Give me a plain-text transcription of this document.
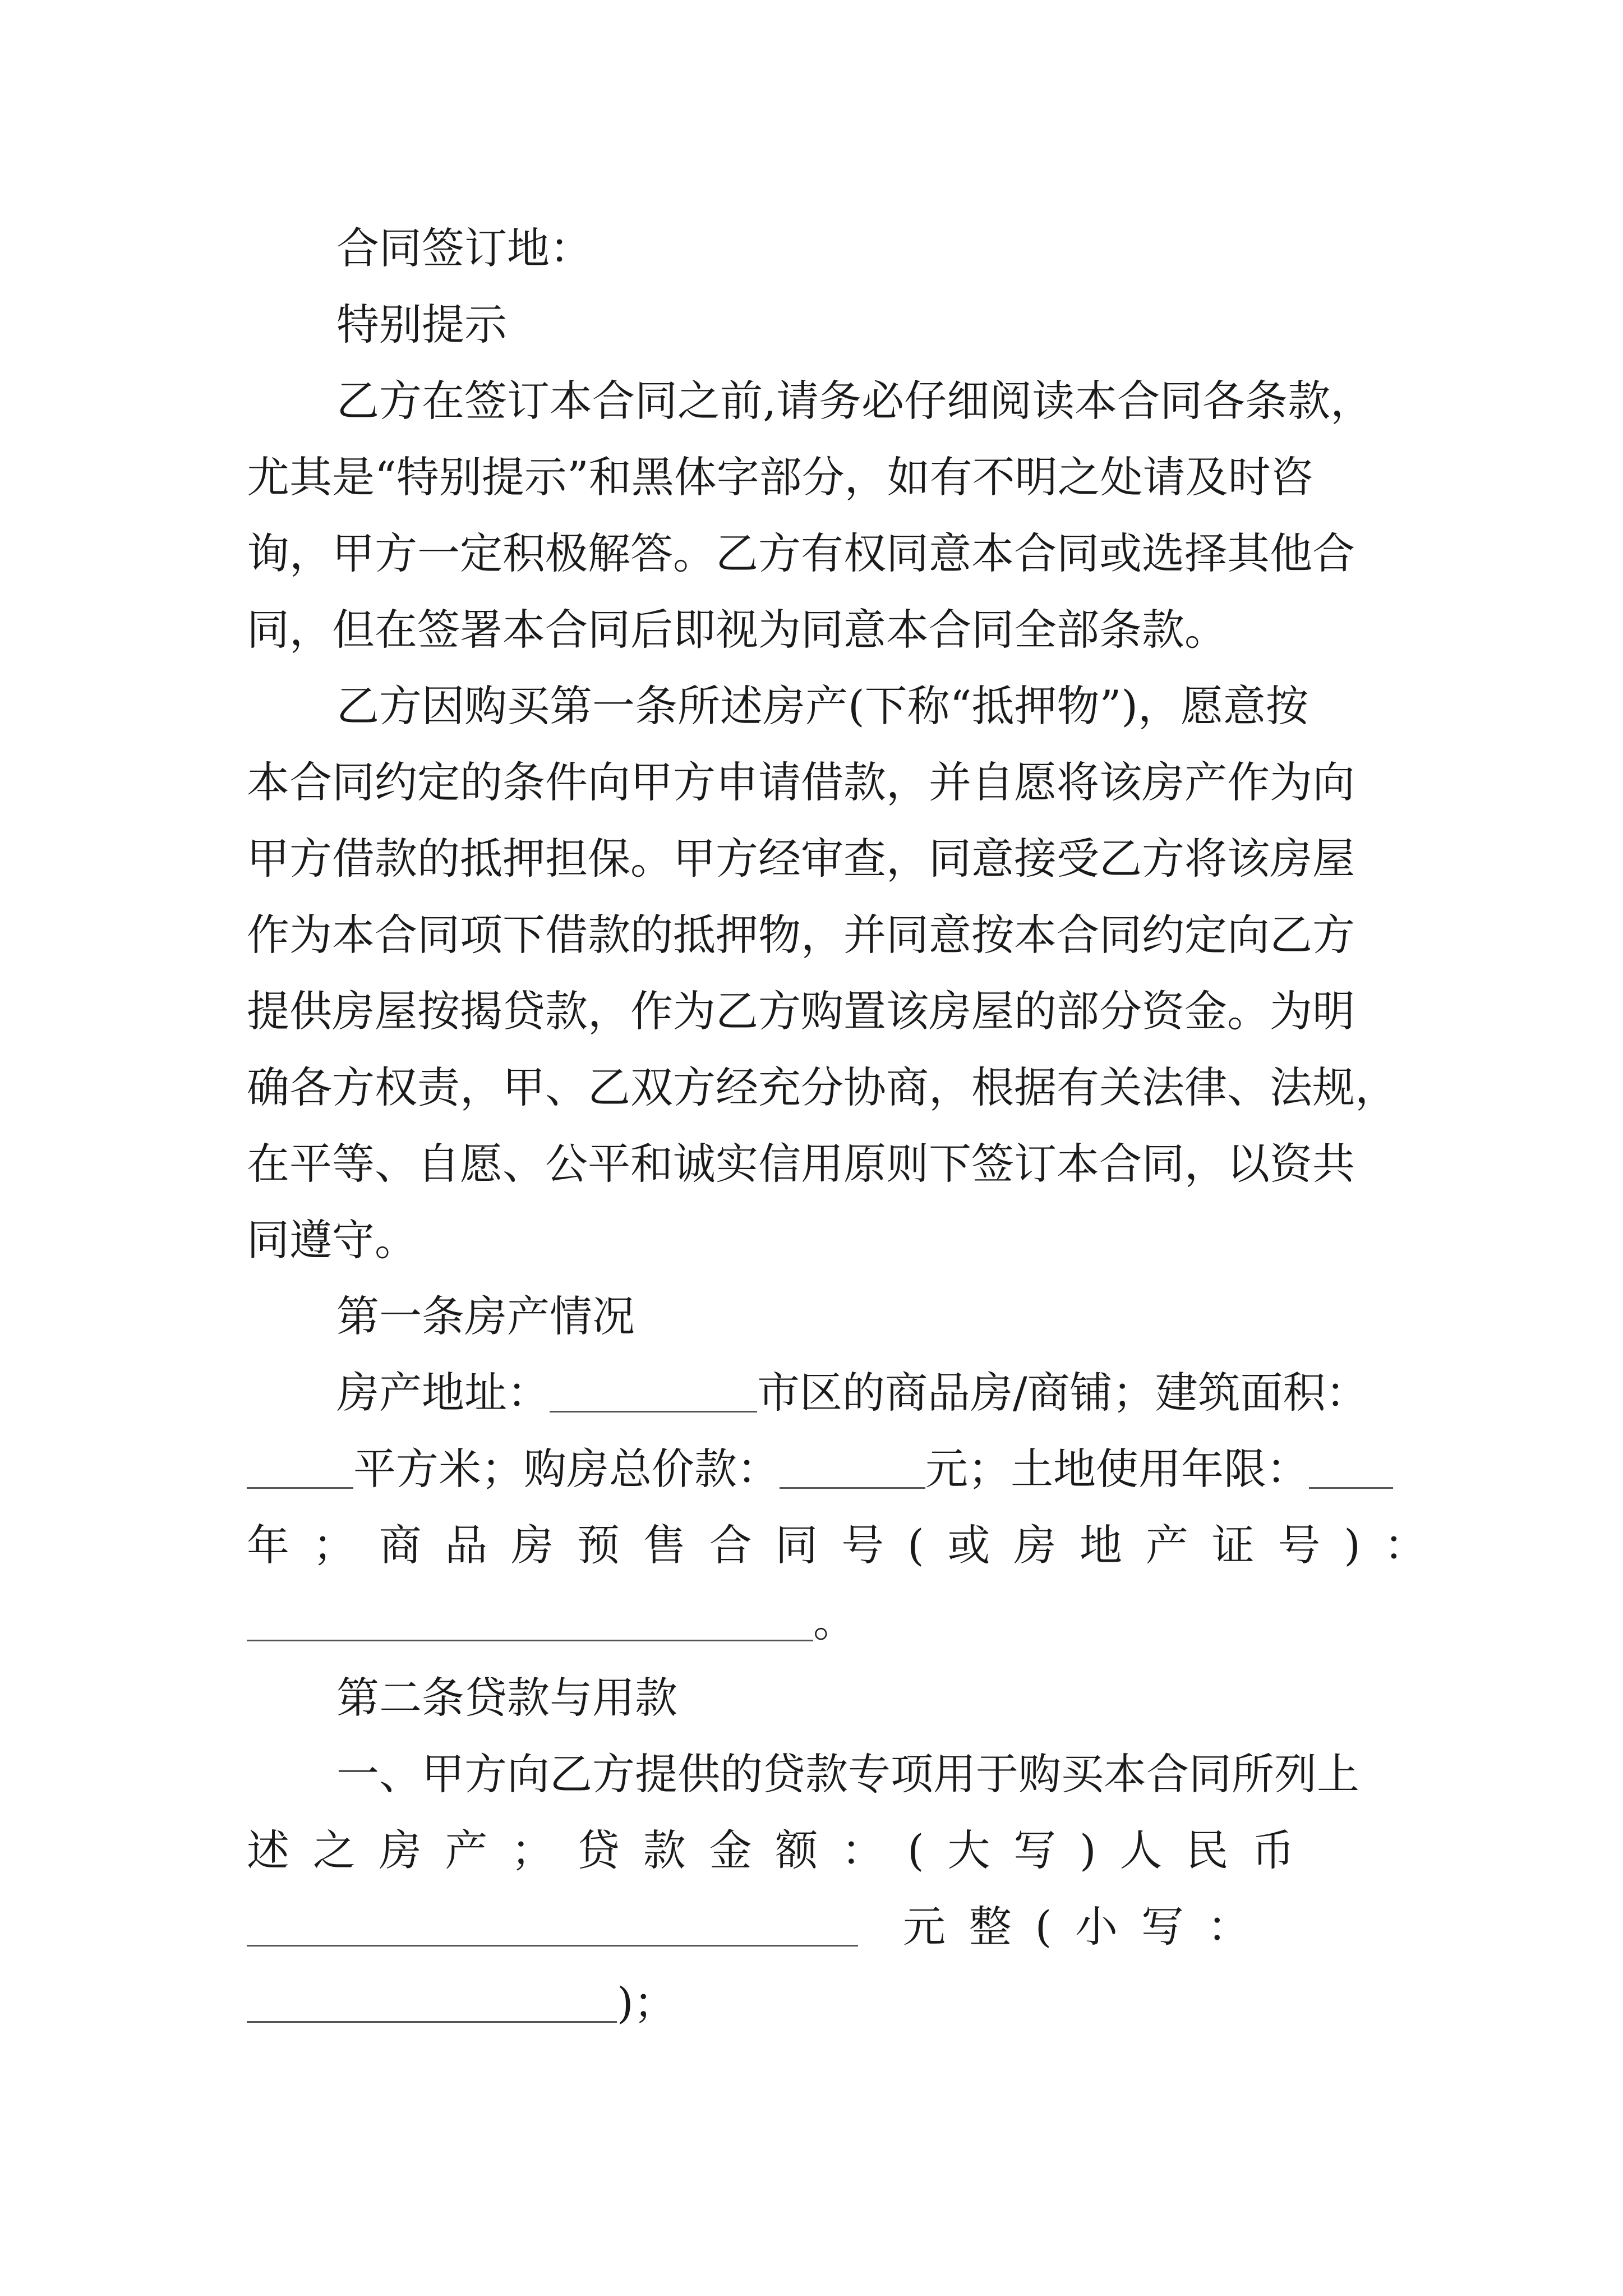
合同签订地：
特别提示
乙方在签订本合同之前,请务必仔细阅读本合同各条款，
尤其是“特别提示”和黑体字部分，如有不明之处请及时咨
询，甲方一定积极解答。乙方有权同意本合同或选择其他合
同，但在签署本合同后即视为同意本合同全部条款。
乙方因购买第一条所述房产(下称“抵押物”)，愿意按
本合同约定的条件向甲方申请借款，并自愿将该房产作为向
甲方借款的抵押担保。甲方经审查，同意接受乙方将该房屋
作为本合同项下借款的抵押物，并同意按本合同约定向乙方
提供房屋按揭贷款，作为乙方购置该房屋的部分资金。为明
确各方权责，甲、乙双方经充分协商，根据有关法律、法规，
在平等、自愿、公平和诚实信用原则下签订本合同，以资共
同遵守。
第一条房产情况
房产地址：	市区的商品房/商铺；建筑面积：
平方米；购房总价款：	元；土地使用年限：
年；商品房预售合同号(或房地产证号)：
。
第二条贷款与用款
一、甲方向乙方提供的贷款专项用于购买本合同所列上
述之房产；贷款金额：(大写)人民币
元整(小写：
)；
